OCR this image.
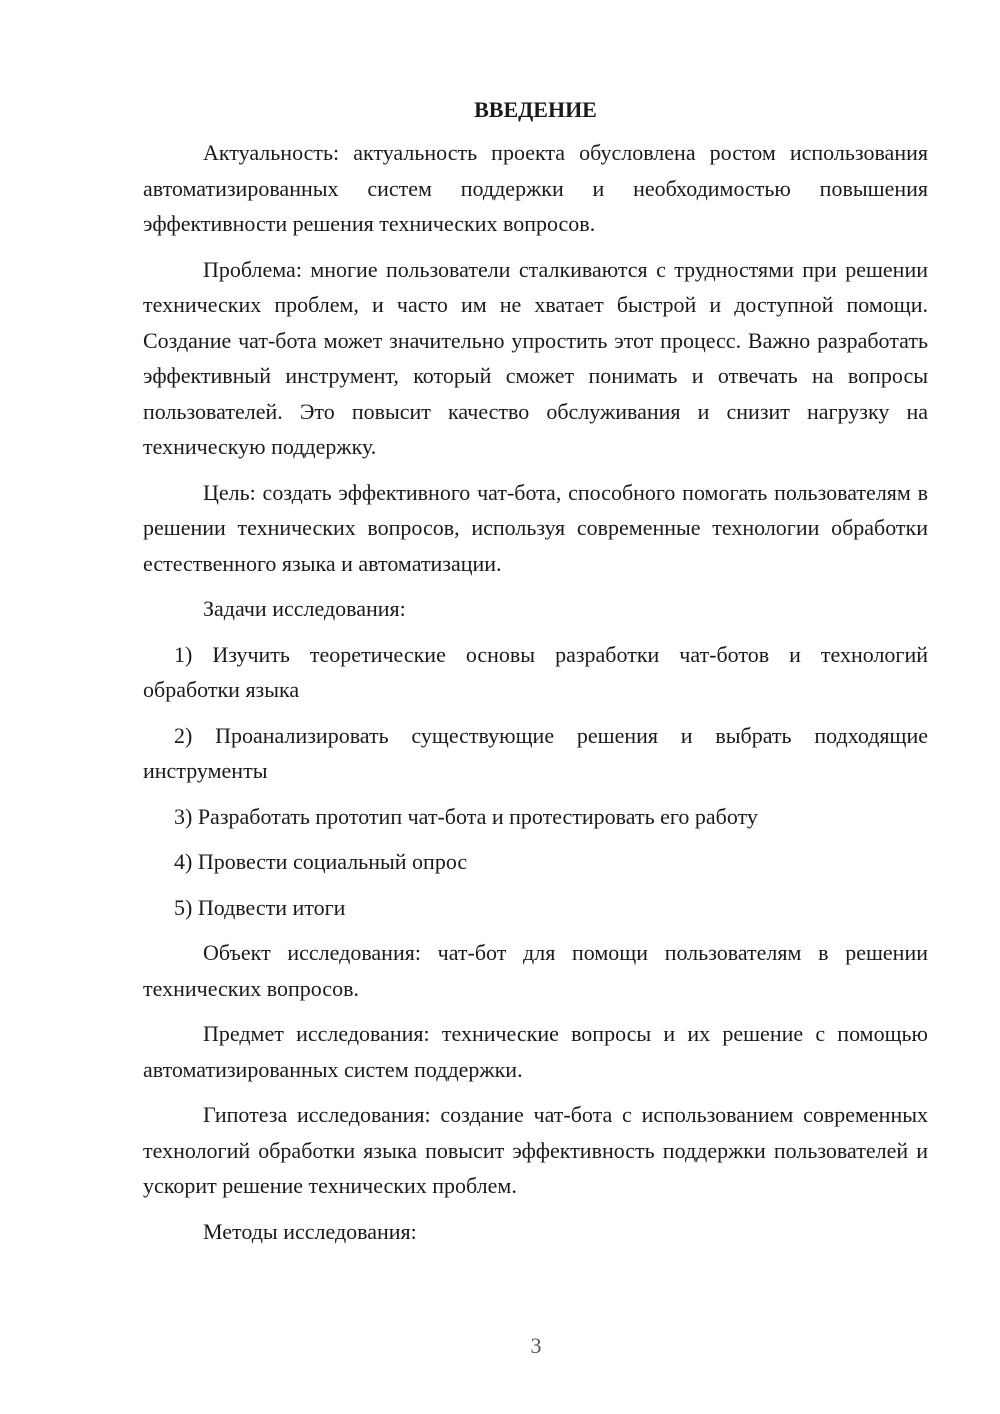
ВВЕДЕНИЕ

Актуальность: актуальность проекта обусловлена ростом использования автоматизированных систем поддержки и необходимостью повышения эффективности решения технических вопросов.

Проблема: многие пользователи сталкиваются с трудностями при решении технических проблем, и часто им не хватает быстрой и доступной помощи. Создание чат-бота может значительно упростить этот процесс. Важно разработать эффективный инструмент, который сможет понимать и отвечать на вопросы пользователей. Это повысит качество обслуживания и снизит нагрузку на техническую поддержку.

Цель: создать эффективного чат-бота, способного помогать пользователям в решении технических вопросов, используя современные технологии обработки естественного языка и автоматизации.

Задачи исследования:

1) Изучить теоретические основы разработки чат-ботов и технологий обработки языка

2) Проанализировать существующие решения и выбрать подходящие инструменты

3) Разработать прототип чат-бота и протестировать его работу

4) Провести социальный опрос

5) Подвести итоги

Объект исследования: чат-бот для помощи пользователям в решении технических вопросов.

Предмет исследования: технические вопросы и их решение с помощью автоматизированных систем поддержки.

Гипотеза исследования: создание чат-бота с использованием современных технологий обработки языка повысит эффективность поддержки пользователей и ускорит решение технических проблем.

Методы исследования:

3
